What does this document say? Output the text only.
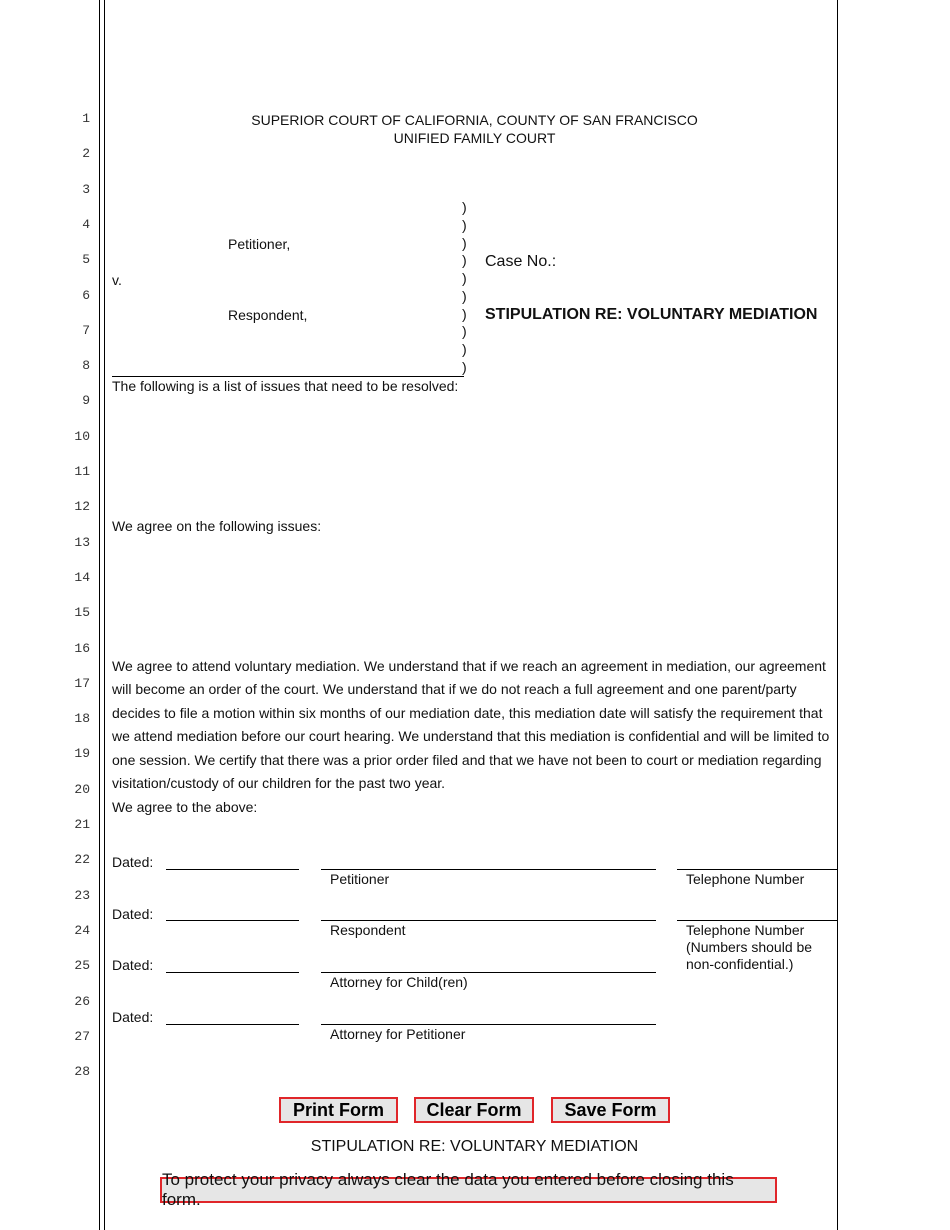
1
2
3
4
5
6
7
8
9
10
11
12
13
14
15
16
17
18
19
20
21
22
23
24
25
26
27
28
SUPERIOR COURT OF CALIFORNIA, COUNTY OF SAN FRANCISCO
UNIFIED FAMILY COURT
Petitioner,
v.
Respondent,
)
)
)
)
)
)
)
)
)
)
Case No.:
STIPULATION RE: VOLUNTARY MEDIATION
The following is a list of issues that need to be resolved:
We agree on the following issues:
We agree to attend voluntary mediation. We understand that if we reach an agreement in mediation, our agreement will become an order of the court. We understand that if we do not reach a full agreement and one parent/party decides to file a motion within six months of our mediation date, this mediation date will satisfy the requirement that we attend mediation before our court hearing. We understand that this mediation is confidential and will be limited to one session. We certify that there was a prior order filed and that we have not been to court or mediation regarding visitation/custody of our children for the past two year.
We agree to the above:
Dated:
Petitioner	Telephone Number
Dated:
Respondent	Telephone Number
(Numbers should be
non-confidential.)
Dated:
Attorney for Child(ren)
Dated:
Attorney for Petitioner
Print Form Clear Form Save Form
STIPULATION RE: VOLUNTARY MEDIATION
To protect your privacy always clear the data you entered before closing this form.
